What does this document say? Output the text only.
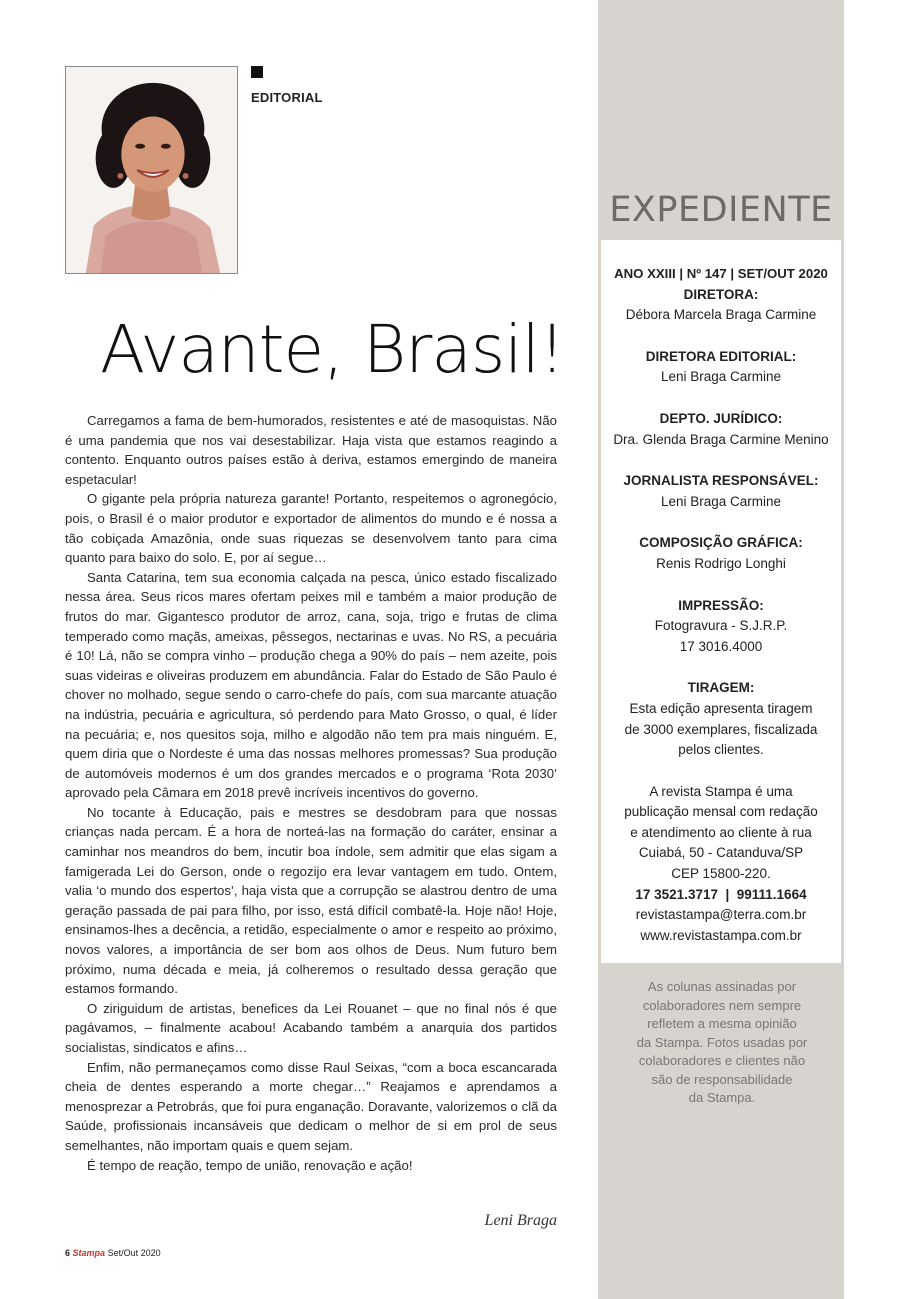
EDITORIAL
Avante, Brasil!

Carregamos a fama de bem-humorados, resistentes e até de masoquistas. Não é uma pandemia que nos vai desestabilizar. Haja vista que estamos reagindo a contento. Enquanto outros países estão à deriva, estamos emergindo de maneira espetacular!

O gigante pela própria natureza garante! Portanto, respeitemos o agronegócio, pois, o Brasil é o maior produtor e exportador de alimentos do mundo e é nossa a tão cobiçada Amazônia, onde suas riquezas se desenvolvem tanto para cima quanto para baixo do solo. E, por aí segue…

Santa Catarina, tem sua economia calçada na pesca, único estado fiscalizado nessa área. Seus ricos mares ofertam peixes mil e também a maior produção de frutos do mar. Gigantesco produtor de arroz, cana, soja, trigo e frutas de clima temperado como maçãs, ameixas, pêssegos, nectarinas e uvas. No RS, a pecuária é 10! Lá, não se compra vinho – produção chega a 90% do país – nem azeite, pois suas videiras e oliveiras produzem em abundância. Falar do Estado de São Paulo é chover no molhado, segue sendo o carro-chefe do país, com sua marcante atuação na indústria, pecuária e agricultura, só perdendo para Mato Grosso, o qual, é líder na pecuária; e, nos quesitos soja, milho e algodão não tem pra mais ninguém. E, quem diria que o Nordeste é uma das nossas melhores promessas? Sua produção de automóveis modernos é um dos grandes mercados e o programa ‘Rota 2030’ aprovado pela Câmara em 2018 prevê incríveis incentivos do governo.

No tocante à Educação, pais e mestres se desdobram para que nossas crianças nada percam. É a hora de norteá-las na formação do caráter, ensinar a caminhar nos meandros do bem, incutir boa índole, sem admitir que elas sigam a famigerada Lei do Gerson, onde o regozijo era levar vantagem em tudo. Ontem, valia ‘o mundo dos espertos’, haja vista que a corrupção se alastrou dentro de uma geração passada de pai para filho, por isso, está difícil combatê-la. Hoje não! Hoje, ensinamos-lhes a decência, a retidão, especialmente o amor e respeito ao próximo, novos valores, a importância de ser bom aos olhos de Deus. Num futuro bem próximo, numa década e meia, já colheremos o resultado dessa geração que estamos formando.

O ziriguidum de artistas, benefices da Lei Rouanet – que no final nós é que pagávamos, – finalmente acabou! Acabando também a anarquia dos partidos socialistas, sindicatos e afins…

Enfim, não permaneçamos como disse Raul Seixas, “com a boca escancarada cheia de dentes esperando a morte chegar…” Reajamos e aprendamos a menosprezar a Petrobrás, que foi pura enganação. Doravante, valorizemos o clã da Saúde, profissionais incansáveis que dedicam o melhor de si em prol de seus semelhantes, não importam quais e quem sejam.

É tempo de reação, tempo de união, renovação e ação!

Leni Braga
6 Stampa Set/Out 2020
EXPEDIENTE
ANO XXIII | Nº 147 | SET/OUT 2020
DIRETORA:
Débora Marcela Braga Carmine
DIRETORA EDITORIAL:
Leni Braga Carmine
DEPTO. JURÍDICO:
Dra. Glenda Braga Carmine Menino
JORNALISTA RESPONSÁVEL:
Leni Braga Carmine
COMPOSIÇÃO GRÁFICA:
Renis Rodrigo Longhi
IMPRESSÃO:
Fotogravura - S.J.R.P.
17 3016.4000
TIRAGEM:
Esta edição apresenta tiragem
de 3000 exemplares, fiscalizada
pelos clientes.
A revista Stampa é uma
publicação mensal com redação
e atendimento ao cliente à rua
Cuiabá, 50 - Catanduva/SP
CEP 15800-220.
17 3521.3717  |  99111.1664
revistastampa@terra.com.br
www.revistastampa.com.br
As colunas assinadas por
colaboradores nem sempre
refletem a mesma opinião
da Stampa. Fotos usadas por
colaboradores e clientes não
são de responsabilidade
da Stampa.
